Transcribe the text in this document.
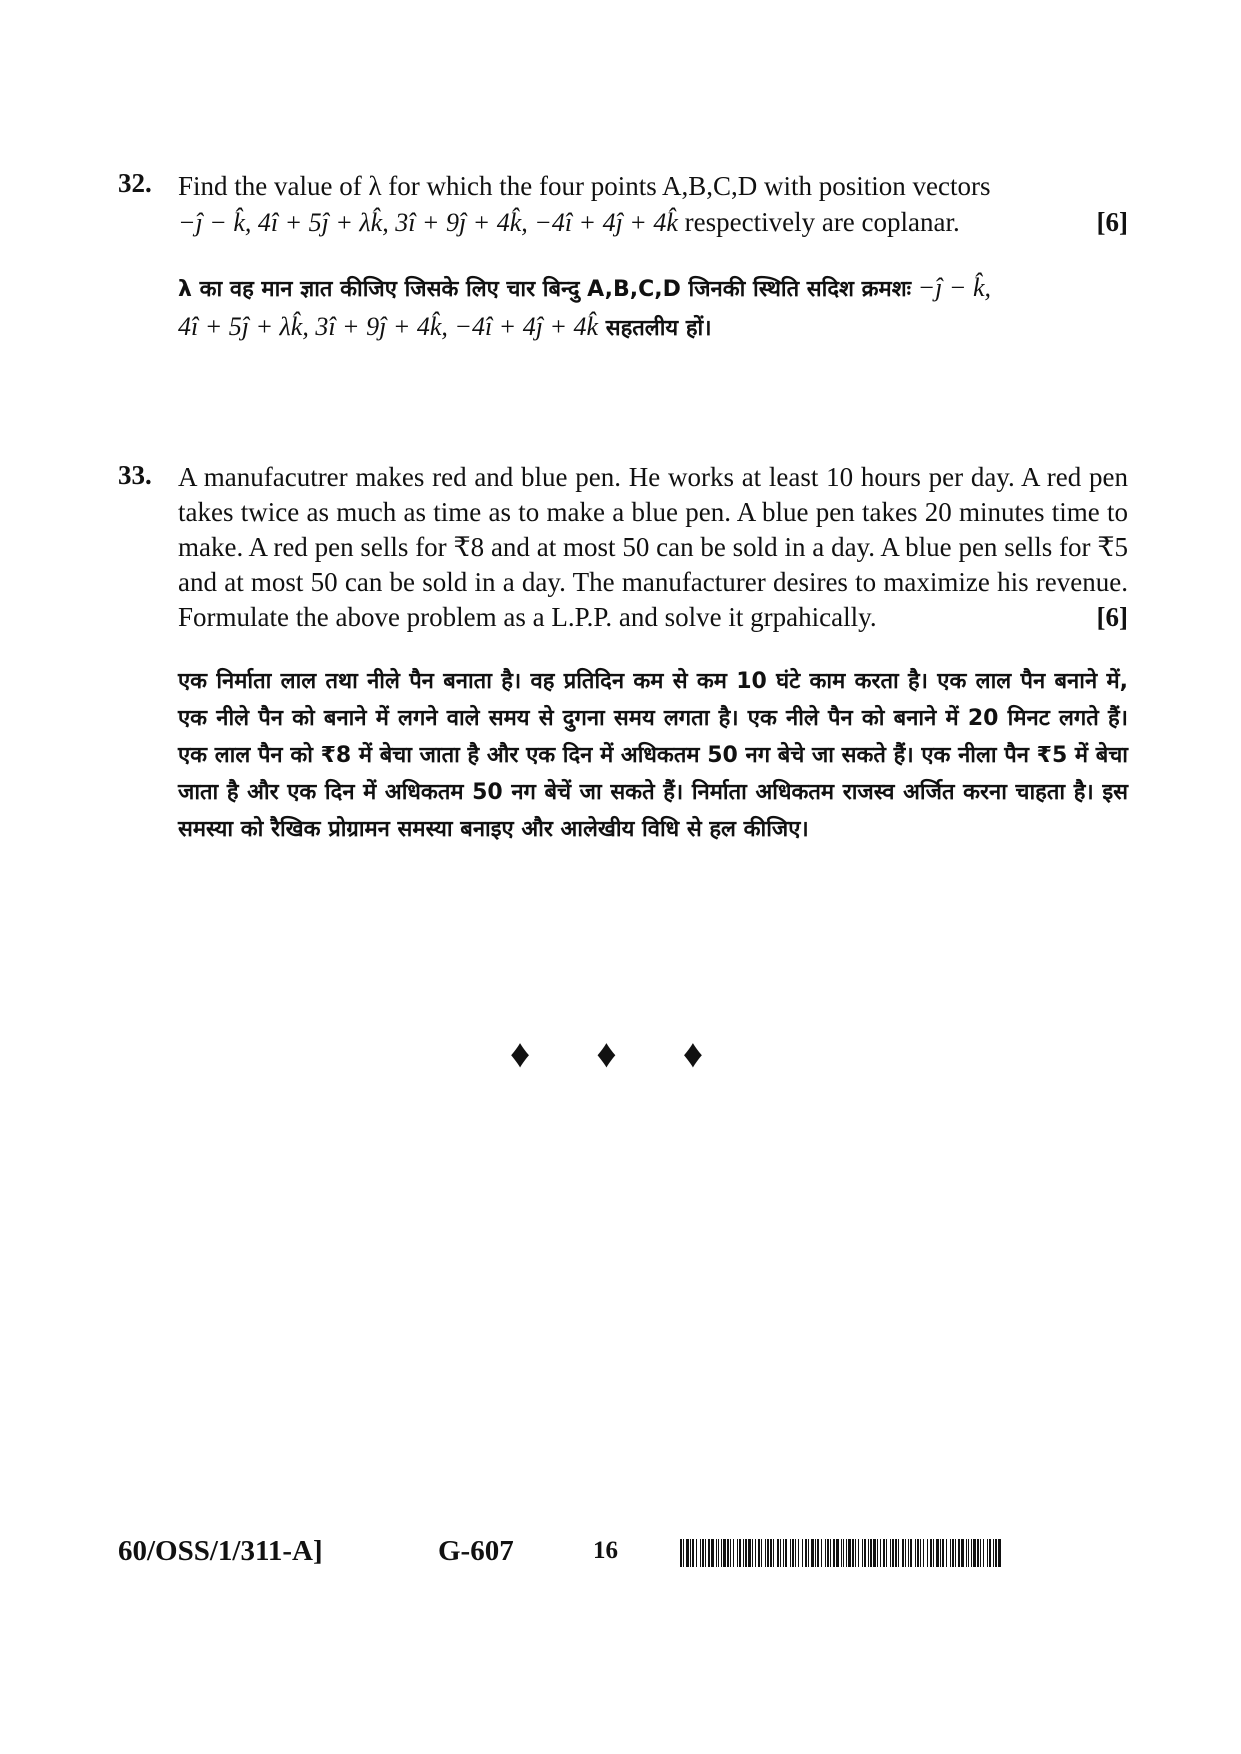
32. Find the value of λ for which the four points A,B,C,D with position vectors
−ĵ − k̂, 4î + 5ĵ + λk̂, 3î + 9ĵ + 4k̂, −4î + 4ĵ + 4k̂ respectively are coplanar.	[6]
λ का वह मान ज्ञात कीजिए जिसके लिए चार बिन्दु A,B,C,D जिनकी स्थिति सदिश क्रमशः −ĵ − k̂,
4î + 5ĵ + λk̂, 3î + 9ĵ + 4k̂, −4î + 4ĵ + 4k̂ सहतलीय हों।
33. A manufacutrer makes red and blue pen. He works at least 10 hours per day. A red pen takes twice as much as time as to make a blue pen. A blue pen takes 20 minutes time to make. A red pen sells for ₹8 and at most 50 can be sold in a day. A blue pen sells for ₹5 and at most 50 can be sold in a day. The manufacturer desires to maximize his revenue. Formulate the above problem as a L.P.P. and solve it grpahically.	[6]
एक निर्माता लाल तथा नीले पैन बनाता है। वह प्रतिदिन कम से कम 10 घंटे काम करता है। एक लाल पैन बनाने में, एक नीले पैन को बनाने में लगने वाले समय से दुगना समय लगता है। एक नीले पैन को बनाने में 20 मिनट लगते हैं। एक लाल पैन को ₹8 में बेचा जाता है और एक दिन में अधिकतम 50 नग बेचे जा सकते हैं। एक नीला पैन ₹5 में बेचा जाता है और एक दिन में अधिकतम 50 नग बेचें जा सकते हैं। निर्माता अधिकतम राजस्व अर्जित करना चाहता है। इस समस्या को रैखिक प्रोग्रामन समस्या बनाइए और आलेखीय विधि से हल कीजिए।
♦ ♦ ♦
60/OSS/1/311-A]	G-607	16
